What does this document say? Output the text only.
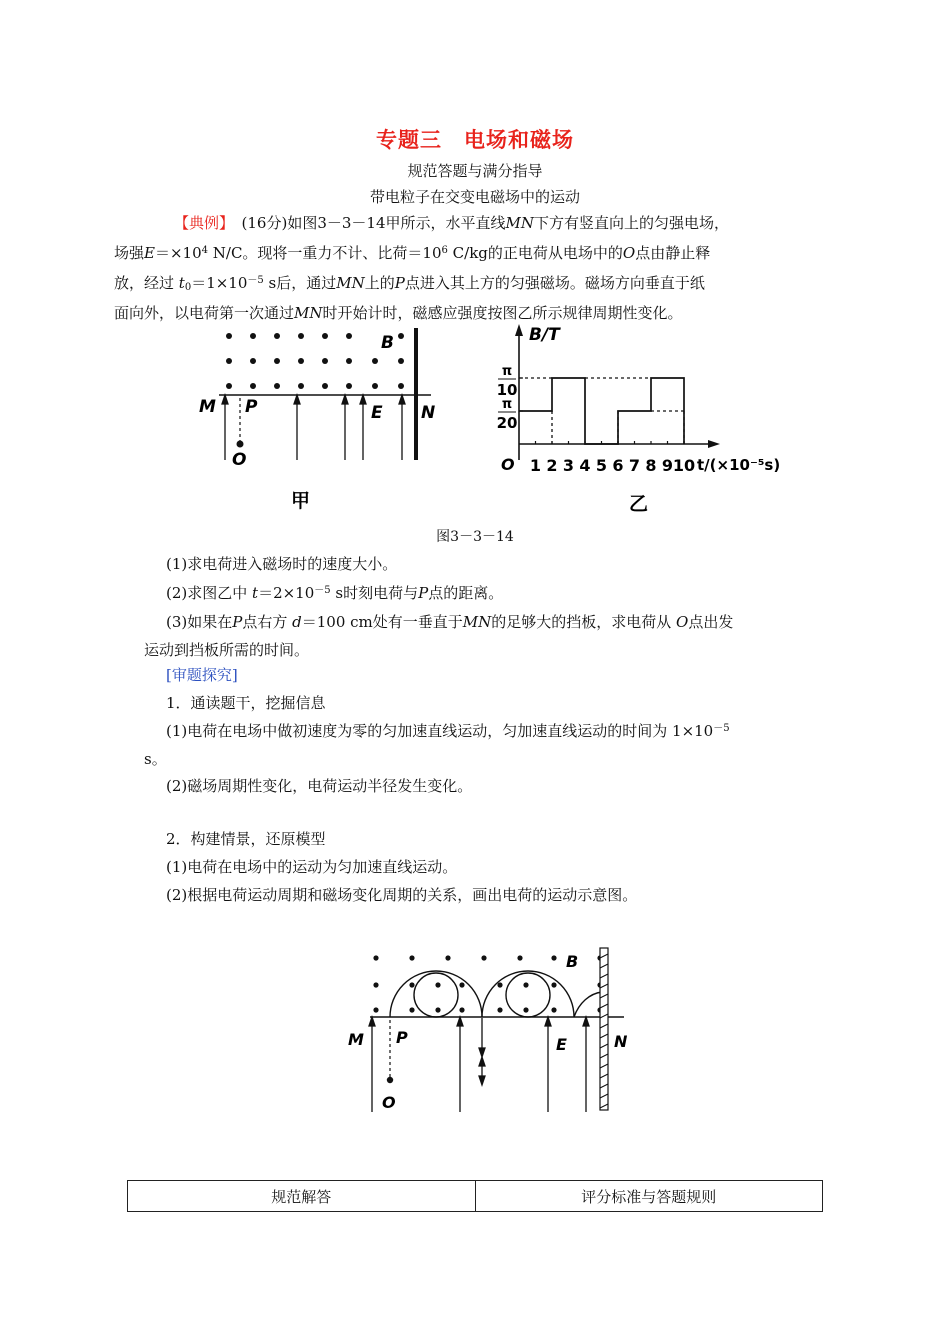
专题三　电场和磁场
规范答题与满分指导
带电粒子在交变电磁场中的运动
【典例】　 (16分)如图3－3－14甲所示，水平直线MN下方有竖直向上的匀强电场，
场强$E=\times 10^4$ N/C。现将一重力不计、比荷$=10^6$ C/kg的正电荷从电场中的O点由静止释
放，经过 $t_0=1\times 10^{-5}$ s后，通过MN上的P点进入其上方的匀强磁场。磁场方向垂直于纸
面向外，以电荷第一次通过MN时开始计时，磁感应强度按图乙所示规律周期性变化。
B
M P	E N
O
甲
B/T
O	t/(×10⁻⁵s)
1 2 3 4 5 6 7 8 9 10
π
20
π
10
乙
图3－3－14
(1)求电荷进入磁场时的速度大小。
(2)求图乙中 $t=2\times 10^{-5}$ s时刻电荷与P点的距离。
(3)如果在P点右方 d＝100 cm处有一垂直于MN的足够大的挡板，求电荷从 O点出发
运动到挡板所需的时间。
[审题探究]
1．通读题干，挖掘信息
(1)电荷在电场中做初速度为零的匀加速直线运动，匀加速直线运动的时间为 $1\times 10^{-5}$
s。
(2)磁场周期性变化，电荷运动半径发生变化。
2．构建情景，还原模型
(1)电荷在电场中的运动为匀加速直线运动。
(2)根据电荷运动周期和磁场变化周期的关系，画出电荷的运动示意图。
B
M P	E	N
O
规范解答	评分标准与答题规则
